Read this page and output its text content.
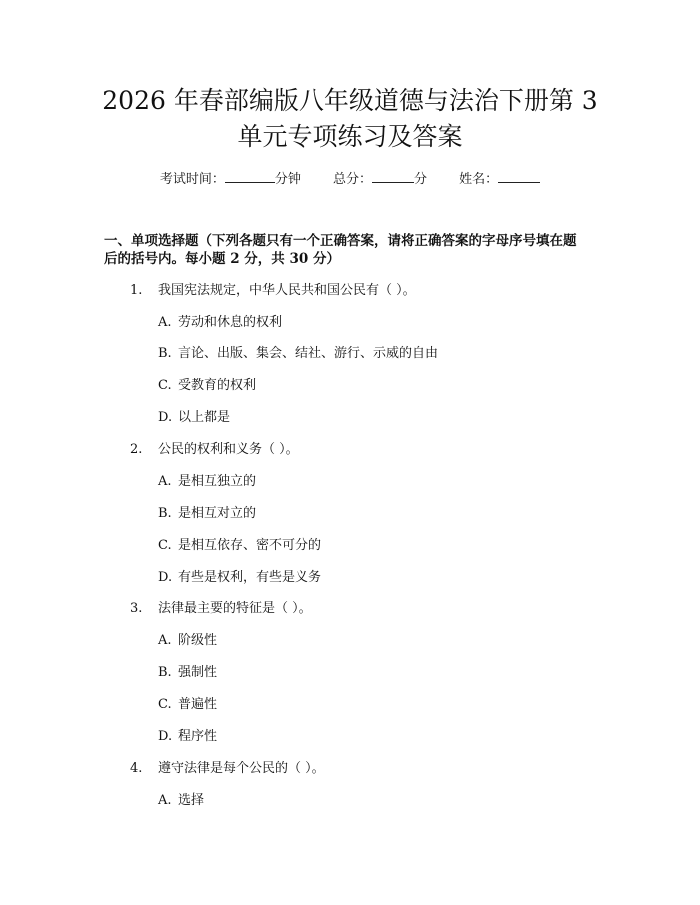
2026 年春部编版八年级道德与法治下册第 3
单元专项练习及答案
考试时间：	分钟 总分：	分 姓名：
一、单项选择题（下列各题只有一个正确答案，请将正确答案的字母序号填在题
后的括号内。每小题 2 分，共 30 分）
1. 我国宪法规定，中华人民共和国公民有（ ）。
A. 劳动和休息的权利
B. 言论、出版、集会、结社、游行、示威的自由
C. 受教育的权利
D. 以上都是
2. 公民的权利和义务（ ）。
A. 是相互独立的
B. 是相互对立的
C. 是相互依存、密不可分的
D. 有些是权利，有些是义务
3. 法律最主要的特征是（ ）。
A. 阶级性
B. 强制性
C. 普遍性
D. 程序性
4. 遵守法律是每个公民的（ ）。
A. 选择
